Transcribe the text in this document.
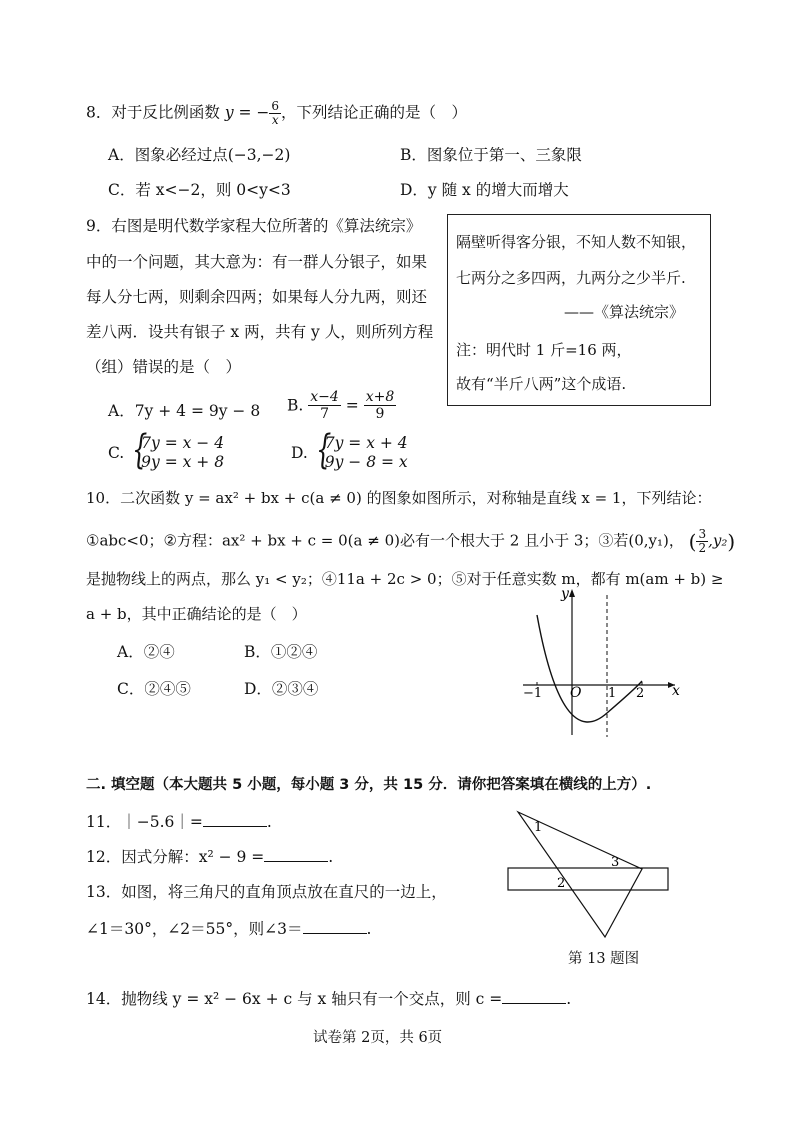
8．对于反比例函数 y = − $\frac{6}{x}$ ，下列结论正确的是（　）
A．图象必经过点(−3,−2)	B．图象位于第一、三象限
C．若 x<−2，则 0<y<3	D．y 随 x 的增大而增大
9．右图是明代数学家程大位所著的《算法统宗》
中的一个问题，其大意为：有一群人分银子，如果
每人分七两，则剩余四两；如果每人分九两，则还
差八两．设共有银子 x 两，共有 y 人，则所列方程
（组）错误的是（　）
隔壁听得客分银，不知人数不知银，
七两分之多四两，九两分之少半斤.
——《算法统宗》
注：明代时 1 斤=16 两，
故有“半斤八两”这个成语.
A．7y + 4 = 9y − 8 B. $\frac{x-4}{7} = \frac{x+8}{9}$
C. { 7y = x − 4
9y = x + 8	D. { 7y = x + 4
9y − 8 = x
10．二次函数 y = ax² + bx + c(a ≠ 0) 的图象如图所示，对称轴是直线 x = 1，下列结论：
①abc<0；②方程：ax² + bx + c = 0(a ≠ 0)必有一个根大于 2 且小于 3；③若(0,y₁)， ( $\frac{3}{2} ,y_2$)
是抛物线上的两点，那么 y₁ < y₂；④11a + 2c > 0；⑤对于任意实数 m，都有 m(am + b) ≥
a + b，其中正确结论的是（　）
A．②④	B．①②④
C．②④⑤	D．②③④
y
x
O
−1	1 2
二. 填空题（本大题共 5 小题，每小题 3 分，共 15 分．请你把答案填在横线的上方）.
11．｜−5.6｜=	.
12．因式分解：x² − 9 =	.
13．如图，将三角尺的直角顶点放在直尺的一边上，
∠1＝30°，∠2＝55°，则∠3＝	.
1
2
3
第 13 题图
14．抛物线 y = x² − 6x + c 与 x 轴只有一个交点，则 c =	.
试卷第 2页，共 6页
